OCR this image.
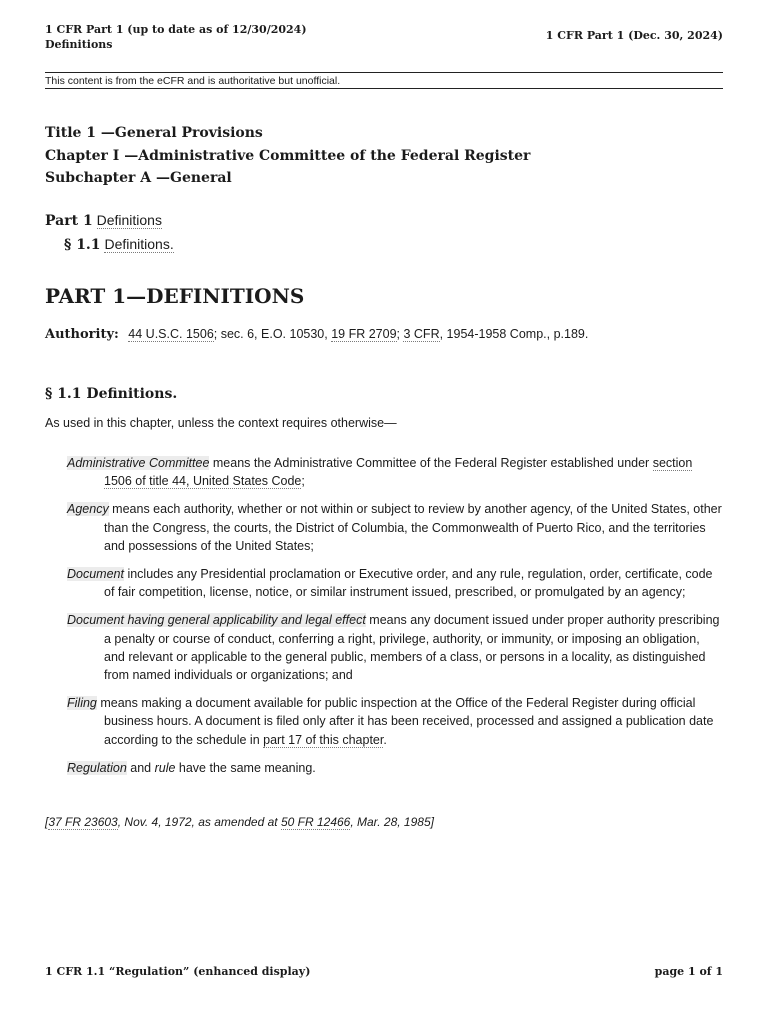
1 CFR Part 1 (up to date as of 12/30/2024)
Definitions
1 CFR Part 1 (Dec. 30, 2024)
This content is from the eCFR and is authoritative but unofficial.
Title 1 —General Provisions
Chapter I —Administrative Committee of the Federal Register
Subchapter A —General
Part 1 Definitions
§ 1.1 Definitions.
PART 1—DEFINITIONS
Authority: 44 U.S.C. 1506; sec. 6, E.O. 10530, 19 FR 2709; 3 CFR, 1954-1958 Comp., p.189.
§ 1.1 Definitions.
As used in this chapter, unless the context requires otherwise—
Administrative Committee means the Administrative Committee of the Federal Register established under section 1506 of title 44, United States Code;
Agency means each authority, whether or not within or subject to review by another agency, of the United States, other than the Congress, the courts, the District of Columbia, the Commonwealth of Puerto Rico, and the territories and possessions of the United States;
Document includes any Presidential proclamation or Executive order, and any rule, regulation, order, certificate, code of fair competition, license, notice, or similar instrument issued, prescribed, or promulgated by an agency;
Document having general applicability and legal effect means any document issued under proper authority prescribing a penalty or course of conduct, conferring a right, privilege, authority, or immunity, or imposing an obligation, and relevant or applicable to the general public, members of a class, or persons in a locality, as distinguished from named individuals or organizations; and
Filing means making a document available for public inspection at the Office of the Federal Register during official business hours. A document is filed only after it has been received, processed and assigned a publication date according to the schedule in part 17 of this chapter.
Regulation and rule have the same meaning.
[37 FR 23603, Nov. 4, 1972, as amended at 50 FR 12466, Mar. 28, 1985]
1 CFR 1.1 “Regulation” (enhanced display)	page 1 of 1
